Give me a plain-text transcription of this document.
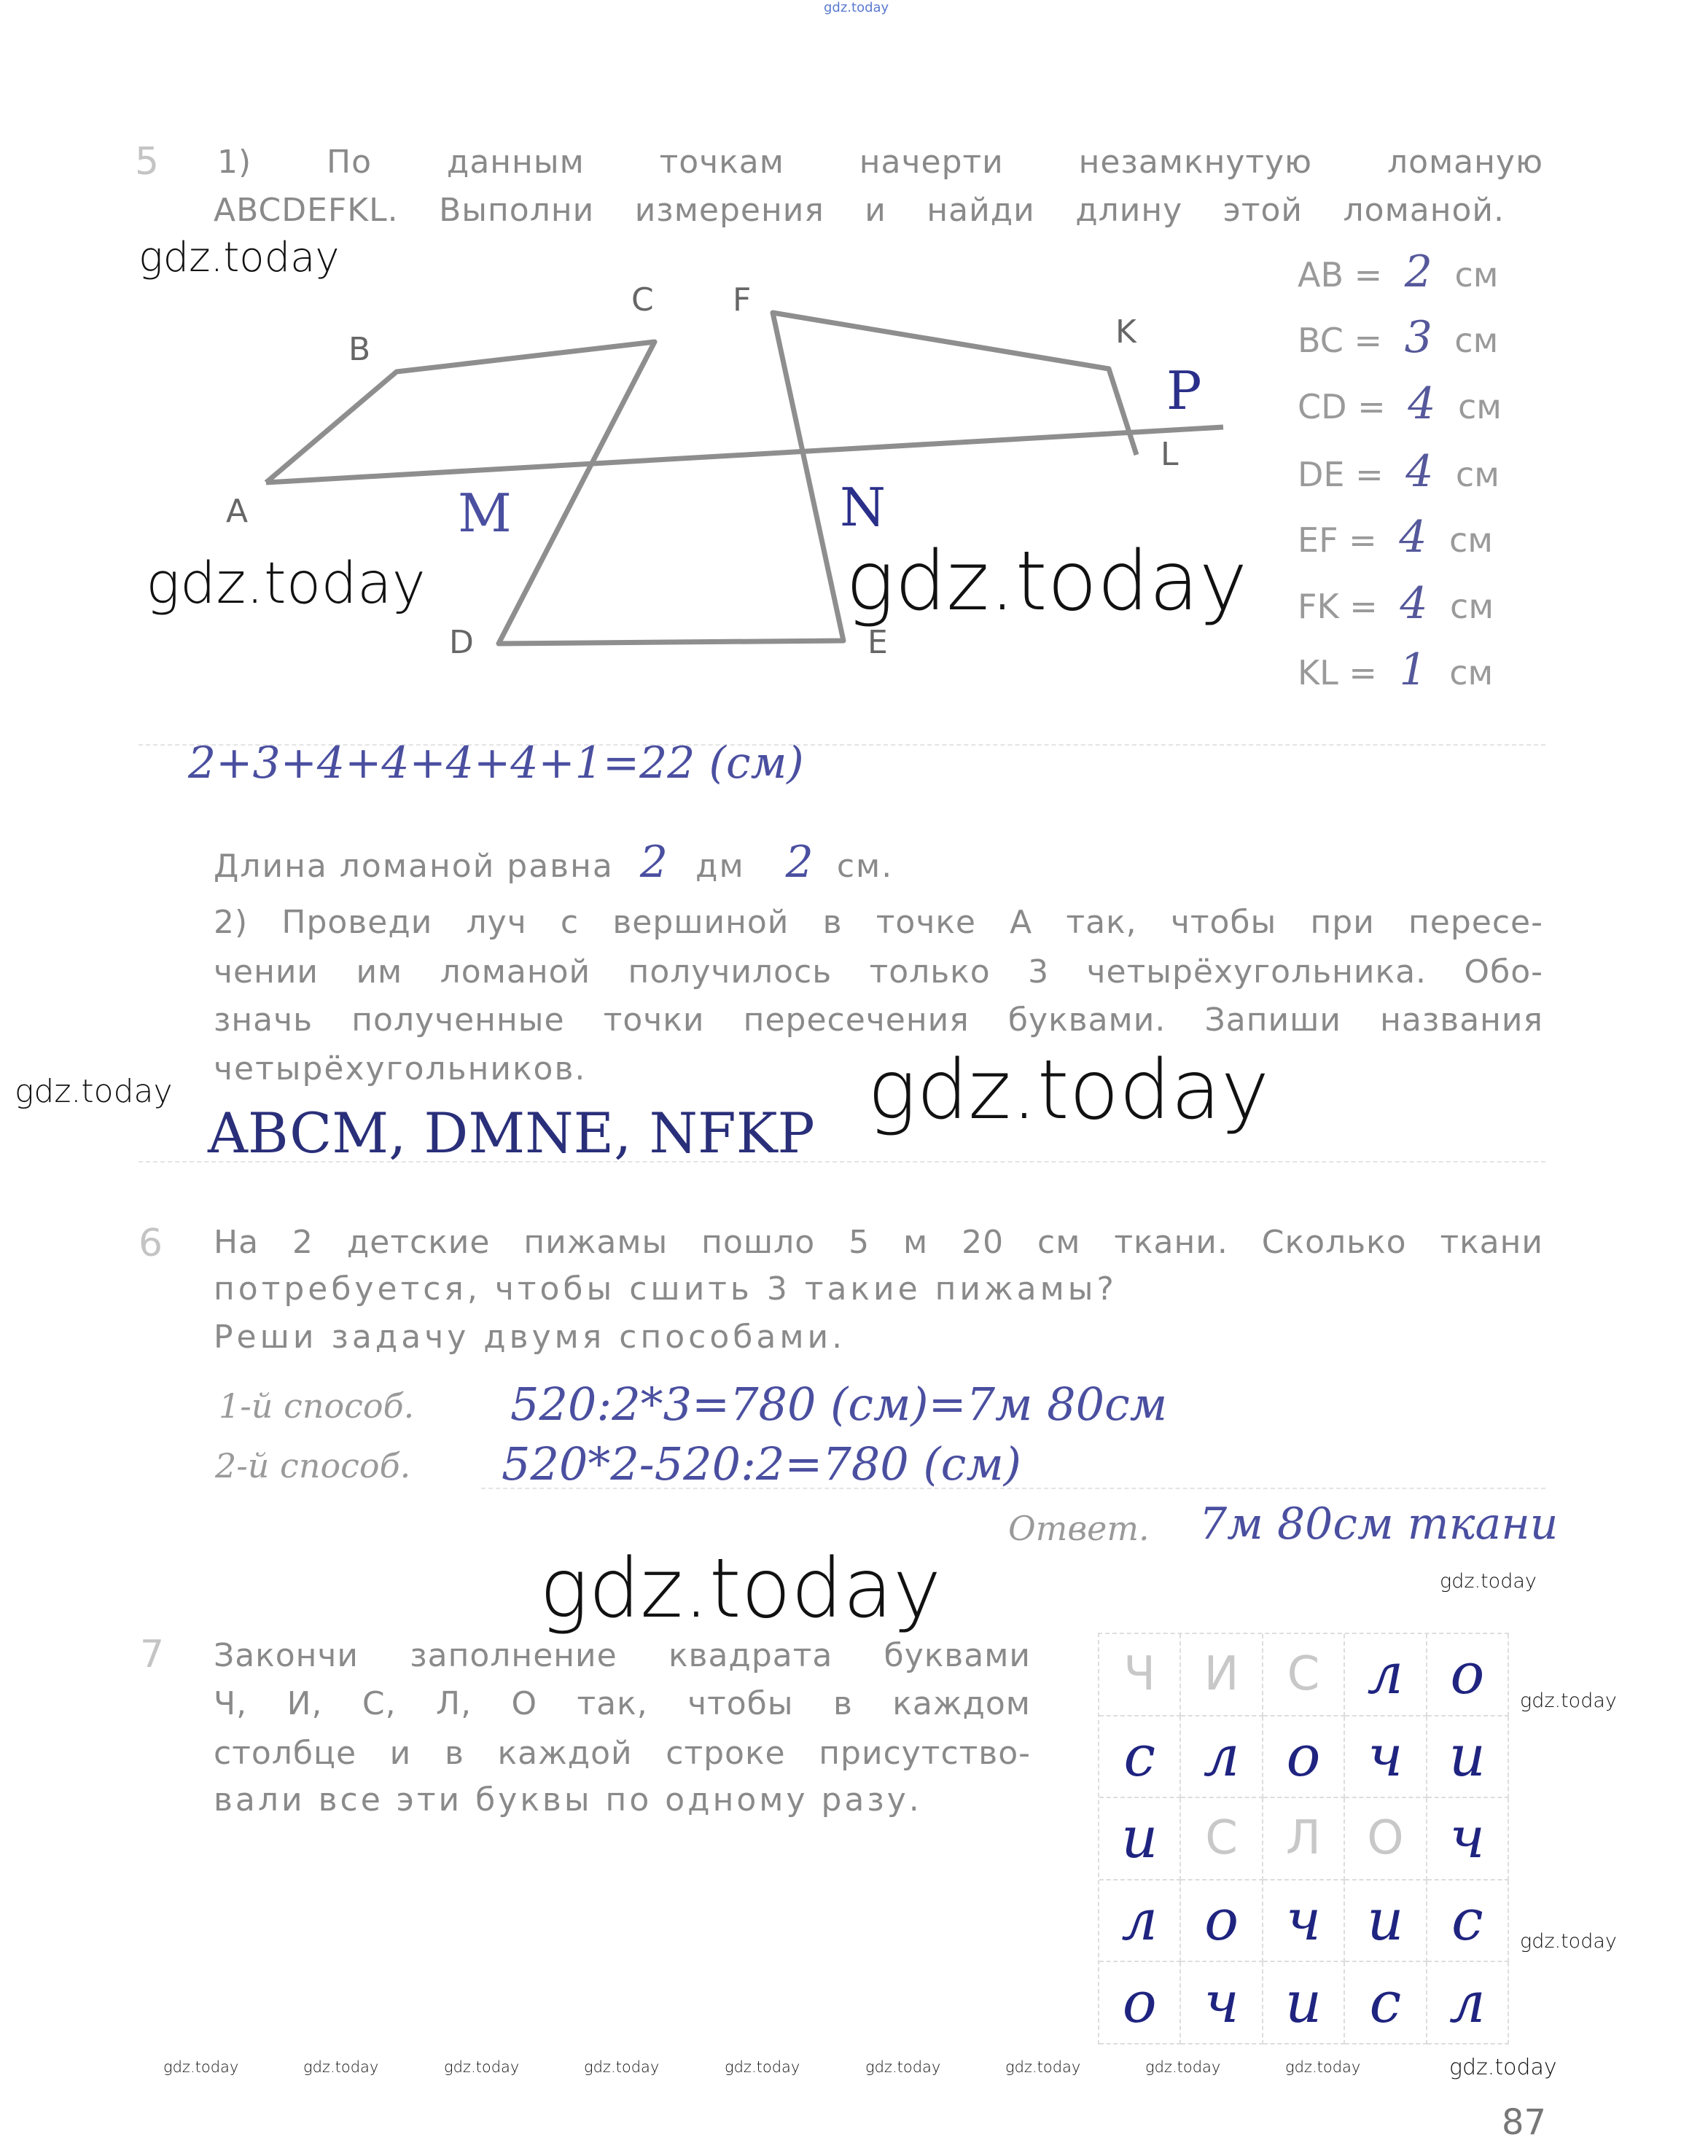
gdz.today
5 1) По данным точкам начерти незамкнутую ломаную
ABCDEFKL. Выполни измерения и найди длину этой ломаной.
A
B
C
D	E
F
K
L
M	N
P
AB = 2 см
BC = 3 см
CD = 4 см
DE = 4 см
EF = 4 см
FK = 4 см
KL = 1 см
2+3+4+4+4+4+1=22 (см)
Длина ломаной равна 2 дм 2 см.
2) Проведи луч с вершиной в точке A так, чтобы при пересе-
чении им ломаной получилось только 3 четырёхугольника. Обо-
значь полученные точки пересечения буквами. Запиши названия
четырёхугольников.
ABCM, DMNE, NFKP
6 На 2 детские пижамы пошло 5 м 20 см ткани. Сколько ткани
потребуется, чтобы сшить 3 такие пижамы?
Реши задачу двумя способами.
1-й способ. 520:2*3=780 (см)=7м 80см
2-й способ. 520*2-520:2=780 (см)
Ответ. 7м 80см ткани
7 Закончи заполнение квадрата буквами
Ч, И, С, Л, О так, чтобы в каждом
столбце и в каждой строке присутство-
вали все эти буквы по одному разу.
Ч	И	С л о
с л о ч и
и	С	Л О ч
л о ч и с
о ч и с л
gdz.today
gdz.today	gdz.today
gdz.today	gdz.today
gdz.today
gdz.today
gdz.today
gdz.today
gdz.today
gdz.today	gdz.today	gdz.today	gdz.today	gdz.today	gdz.today	gdz.today	gdz.today	gdz.today
87
